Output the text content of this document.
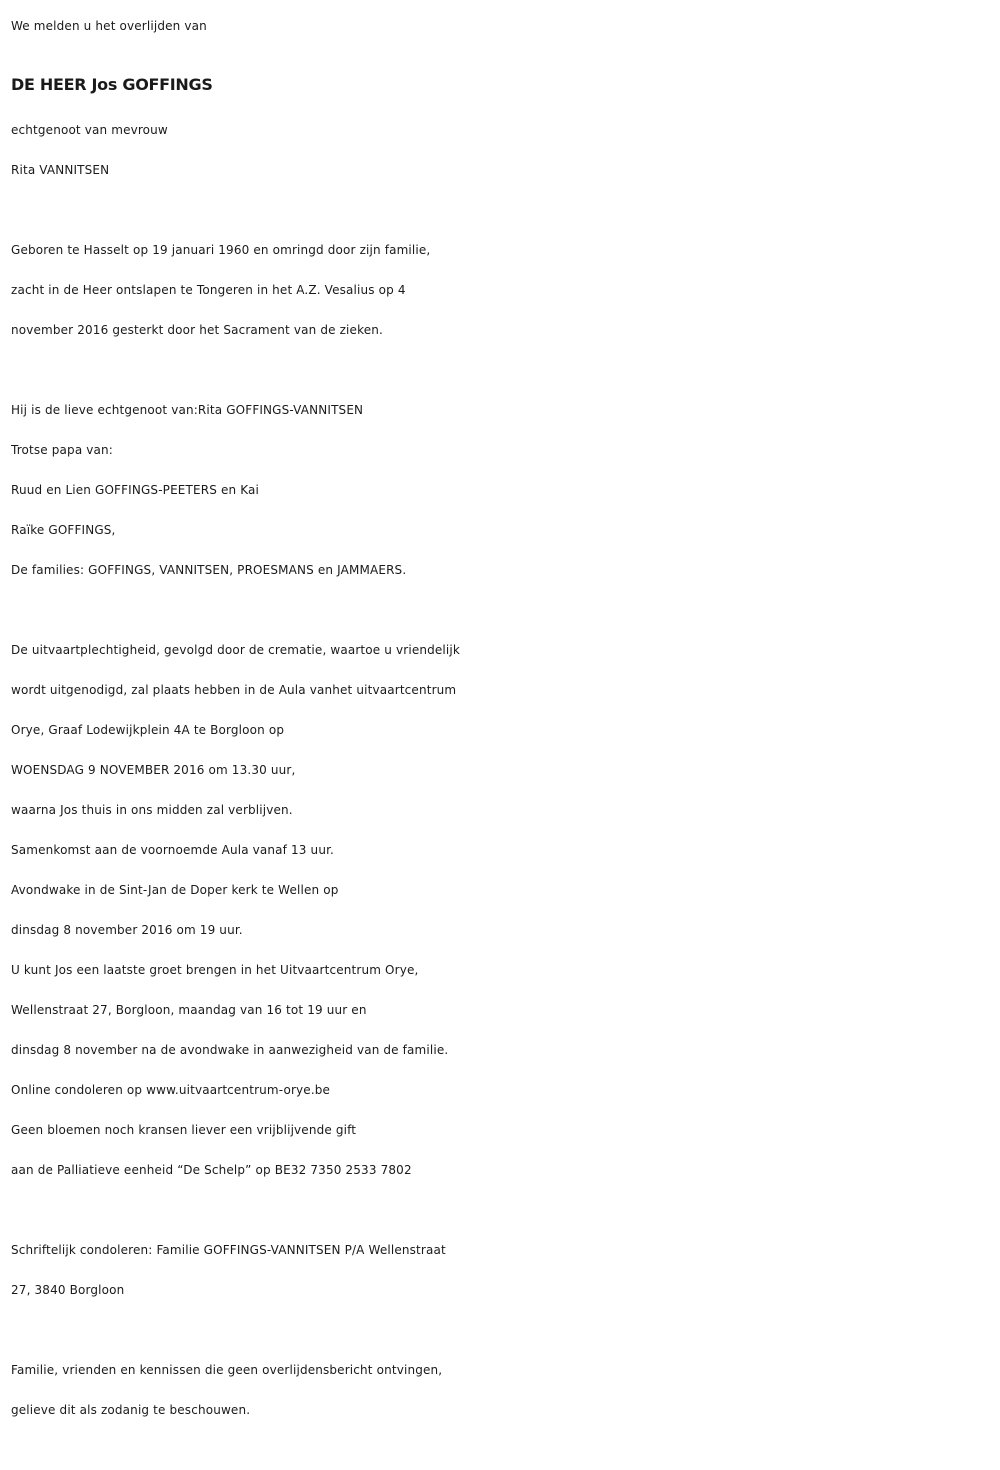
We melden u het overlijden van
DE HEER Jos GOFFINGS
echtgenoot van mevrouw
Rita VANNITSEN
Geboren te Hasselt op 19 januari 1960 en omringd door zijn familie,
zacht in de Heer ontslapen te Tongeren in het A.Z. Vesalius op 4
november 2016 gesterkt door het Sacrament van de zieken.
Hij is de lieve echtgenoot van:Rita GOFFINGS-VANNITSEN
Trotse papa van:
Ruud en Lien GOFFINGS-PEETERS en Kai
Raïke GOFFINGS,
De families: GOFFINGS, VANNITSEN, PROESMANS en JAMMAERS.
De uitvaartplechtigheid, gevolgd door de crematie, waartoe u vriendelijk
wordt uitgenodigd, zal plaats hebben in de Aula vanhet uitvaartcentrum
Orye, Graaf Lodewijkplein 4A te Borgloon op
WOENSDAG 9 NOVEMBER 2016 om 13.30 uur,
waarna Jos thuis in ons midden zal verblijven.
Samenkomst aan de voornoemde Aula vanaf 13 uur.
Avondwake in de Sint-Jan de Doper kerk te Wellen op
dinsdag 8 november 2016 om 19 uur.
U kunt Jos een laatste groet brengen in het Uitvaartcentrum Orye,
Wellenstraat 27, Borgloon, maandag van 16 tot 19 uur en
dinsdag 8 november na de avondwake in aanwezigheid van de familie.
Online condoleren op www.uitvaartcentrum-orye.be
Geen bloemen noch kransen liever een vrijblijvende gift
aan de Palliatieve eenheid “De Schelp” op BE32 7350 2533 7802
Schriftelijk condoleren: Familie GOFFINGS-VANNITSEN P/A Wellenstraat
27, 3840 Borgloon
Familie, vrienden en kennissen die geen overlijdensbericht ontvingen,
gelieve dit als zodanig te beschouwen.
